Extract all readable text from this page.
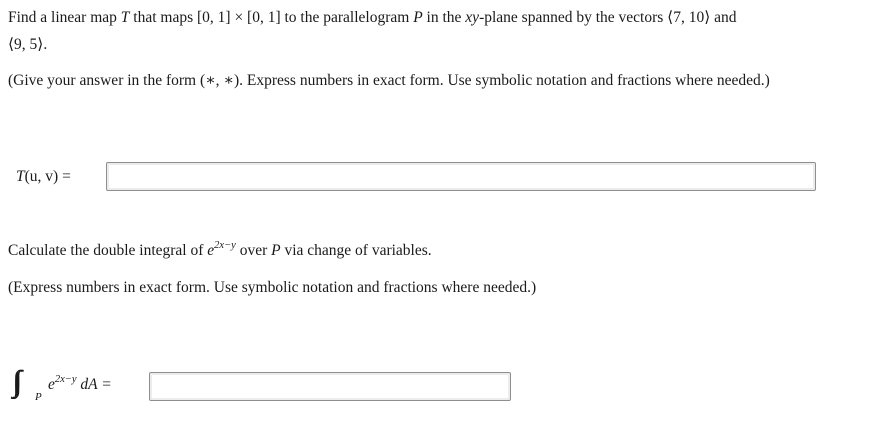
Find a linear map T that maps [0, 1] × [0, 1] to the parallelogram P in the xy-plane spanned by the vectors ⟨7, 10⟩ and
⟨9, 5⟩.
(Give your answer in the form (∗, ∗). Express numbers in exact form. Use symbolic notation and fractions where needed.)
T(u, v) =
Calculate the double integral of $e^{2x-y}$ over P via change of variables.
(Express numbers in exact form. Use symbolic notation and fractions where needed.)
P
$e^{2x-y}$ dA =
